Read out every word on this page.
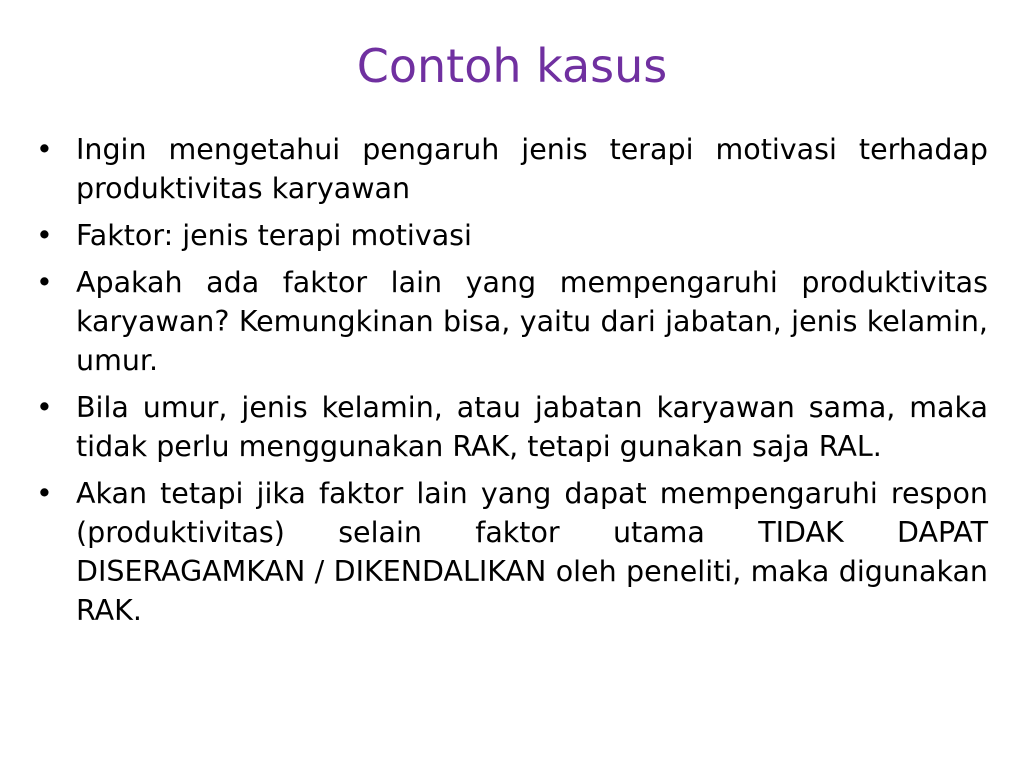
Contoh kasus
• Ingin mengetahui pengaruh jenis terapi motivasi terhadap produktivitas karyawan
• Faktor: jenis terapi motivasi
• Apakah ada faktor lain yang mempengaruhi produktivitas karyawan? Kemungkinan bisa, yaitu dari jabatan, jenis kelamin, umur.
• Bila umur, jenis kelamin, atau jabatan karyawan sama, maka tidak perlu menggunakan RAK, tetapi gunakan saja RAL.
• Akan tetapi jika faktor lain yang dapat mempengaruhi respon (produktivitas) selain faktor utama TIDAK DAPAT DISERAGAMKAN / DIKENDALIKAN oleh peneliti, maka digunakan RAK.
